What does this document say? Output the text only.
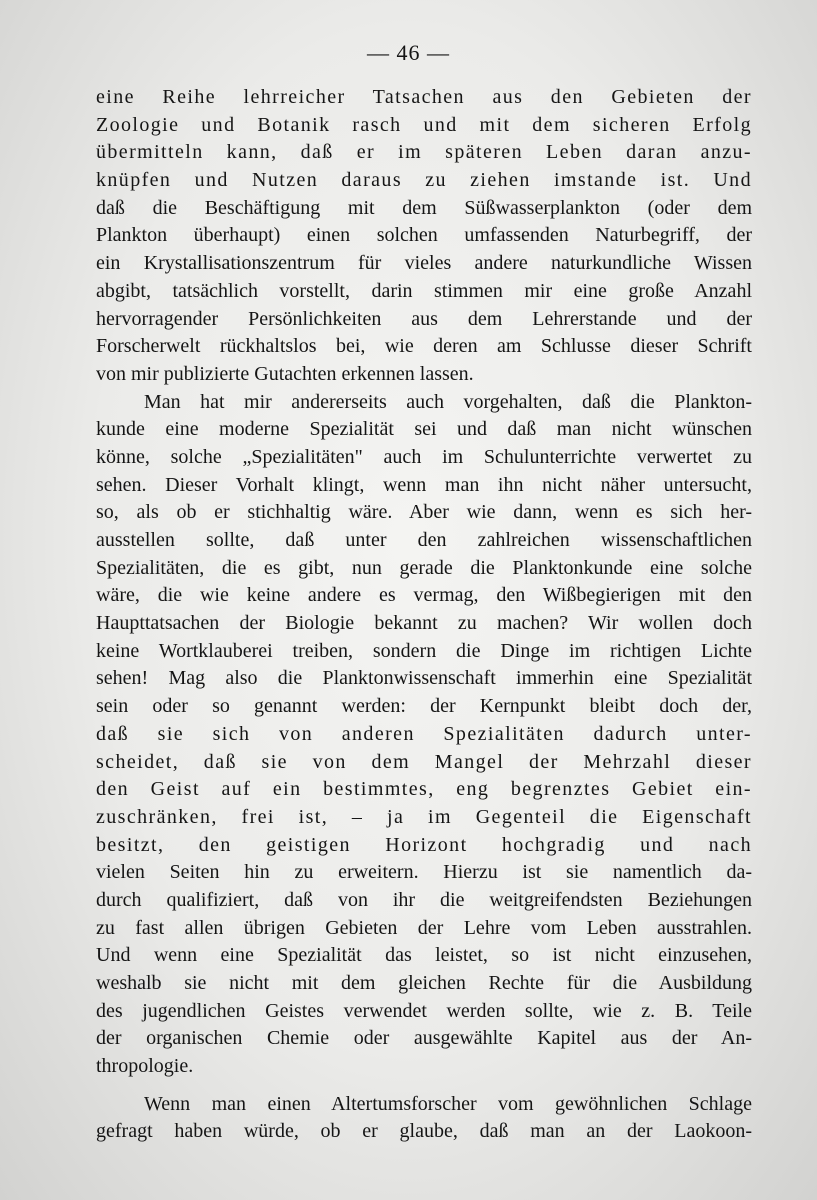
— 46 —
eine Reihe lehrreicher Tatsachen aus den Gebieten der
Zoologie und Botanik rasch und mit dem sicheren Erfolg
übermitteln kann, daß er im späteren Leben daran anzu-
knüpfen und Nutzen daraus zu ziehen imstande ist. Und
daß die Beschäftigung mit dem Süßwasserplankton (oder dem
Plankton überhaupt) einen solchen umfassenden Naturbegriff, der
ein Krystallisationszentrum für vieles andere naturkundliche Wissen
abgibt, tatsächlich vorstellt, darin stimmen mir eine große Anzahl
hervorragender Persönlichkeiten aus dem Lehrerstande und der
Forscherwelt rückhaltslos bei, wie deren am Schlusse dieser Schrift
von mir publizierte Gutachten erkennen lassen.
Man hat mir andererseits auch vorgehalten, daß die Plankton-
kunde eine moderne Spezialität sei und daß man nicht wünschen
könne, solche „Spezialitäten" auch im Schulunterrichte verwertet zu
sehen. Dieser Vorhalt klingt, wenn man ihn nicht näher untersucht,
so, als ob er stichhaltig wäre. Aber wie dann, wenn es sich her-
ausstellen sollte, daß unter den zahlreichen wissenschaftlichen
Spezialitäten, die es gibt, nun gerade die Planktonkunde eine solche
wäre, die wie keine andere es vermag, den Wißbegierigen mit den
Haupttatsachen der Biologie bekannt zu machen? Wir wollen doch
keine Wortklauberei treiben, sondern die Dinge im richtigen Lichte
sehen! Mag also die Planktonwissenschaft immerhin eine Spezialität
sein oder so genannt werden: der Kernpunkt bleibt doch der,
daß sie sich von anderen Spezialitäten dadurch unter-
scheidet, daß sie von dem Mangel der Mehrzahl dieser
den Geist auf ein bestimmtes, eng begrenztes Gebiet ein-
zuschränken, frei ist, – ja im Gegenteil die Eigenschaft
besitzt, den geistigen Horizont hochgradig und nach
vielen Seiten hin zu erweitern. Hierzu ist sie namentlich da-
durch qualifiziert, daß von ihr die weitgreifendsten Beziehungen
zu fast allen übrigen Gebieten der Lehre vom Leben ausstrahlen.
Und wenn eine Spezialität das leistet, so ist nicht einzusehen,
weshalb sie nicht mit dem gleichen Rechte für die Ausbildung
des jugendlichen Geistes verwendet werden sollte, wie z. B. Teile
der organischen Chemie oder ausgewählte Kapitel aus der An-
thropologie.
Wenn man einen Altertumsforscher vom gewöhnlichen Schlage
gefragt haben würde, ob er glaube, daß man an der Laokoon-
